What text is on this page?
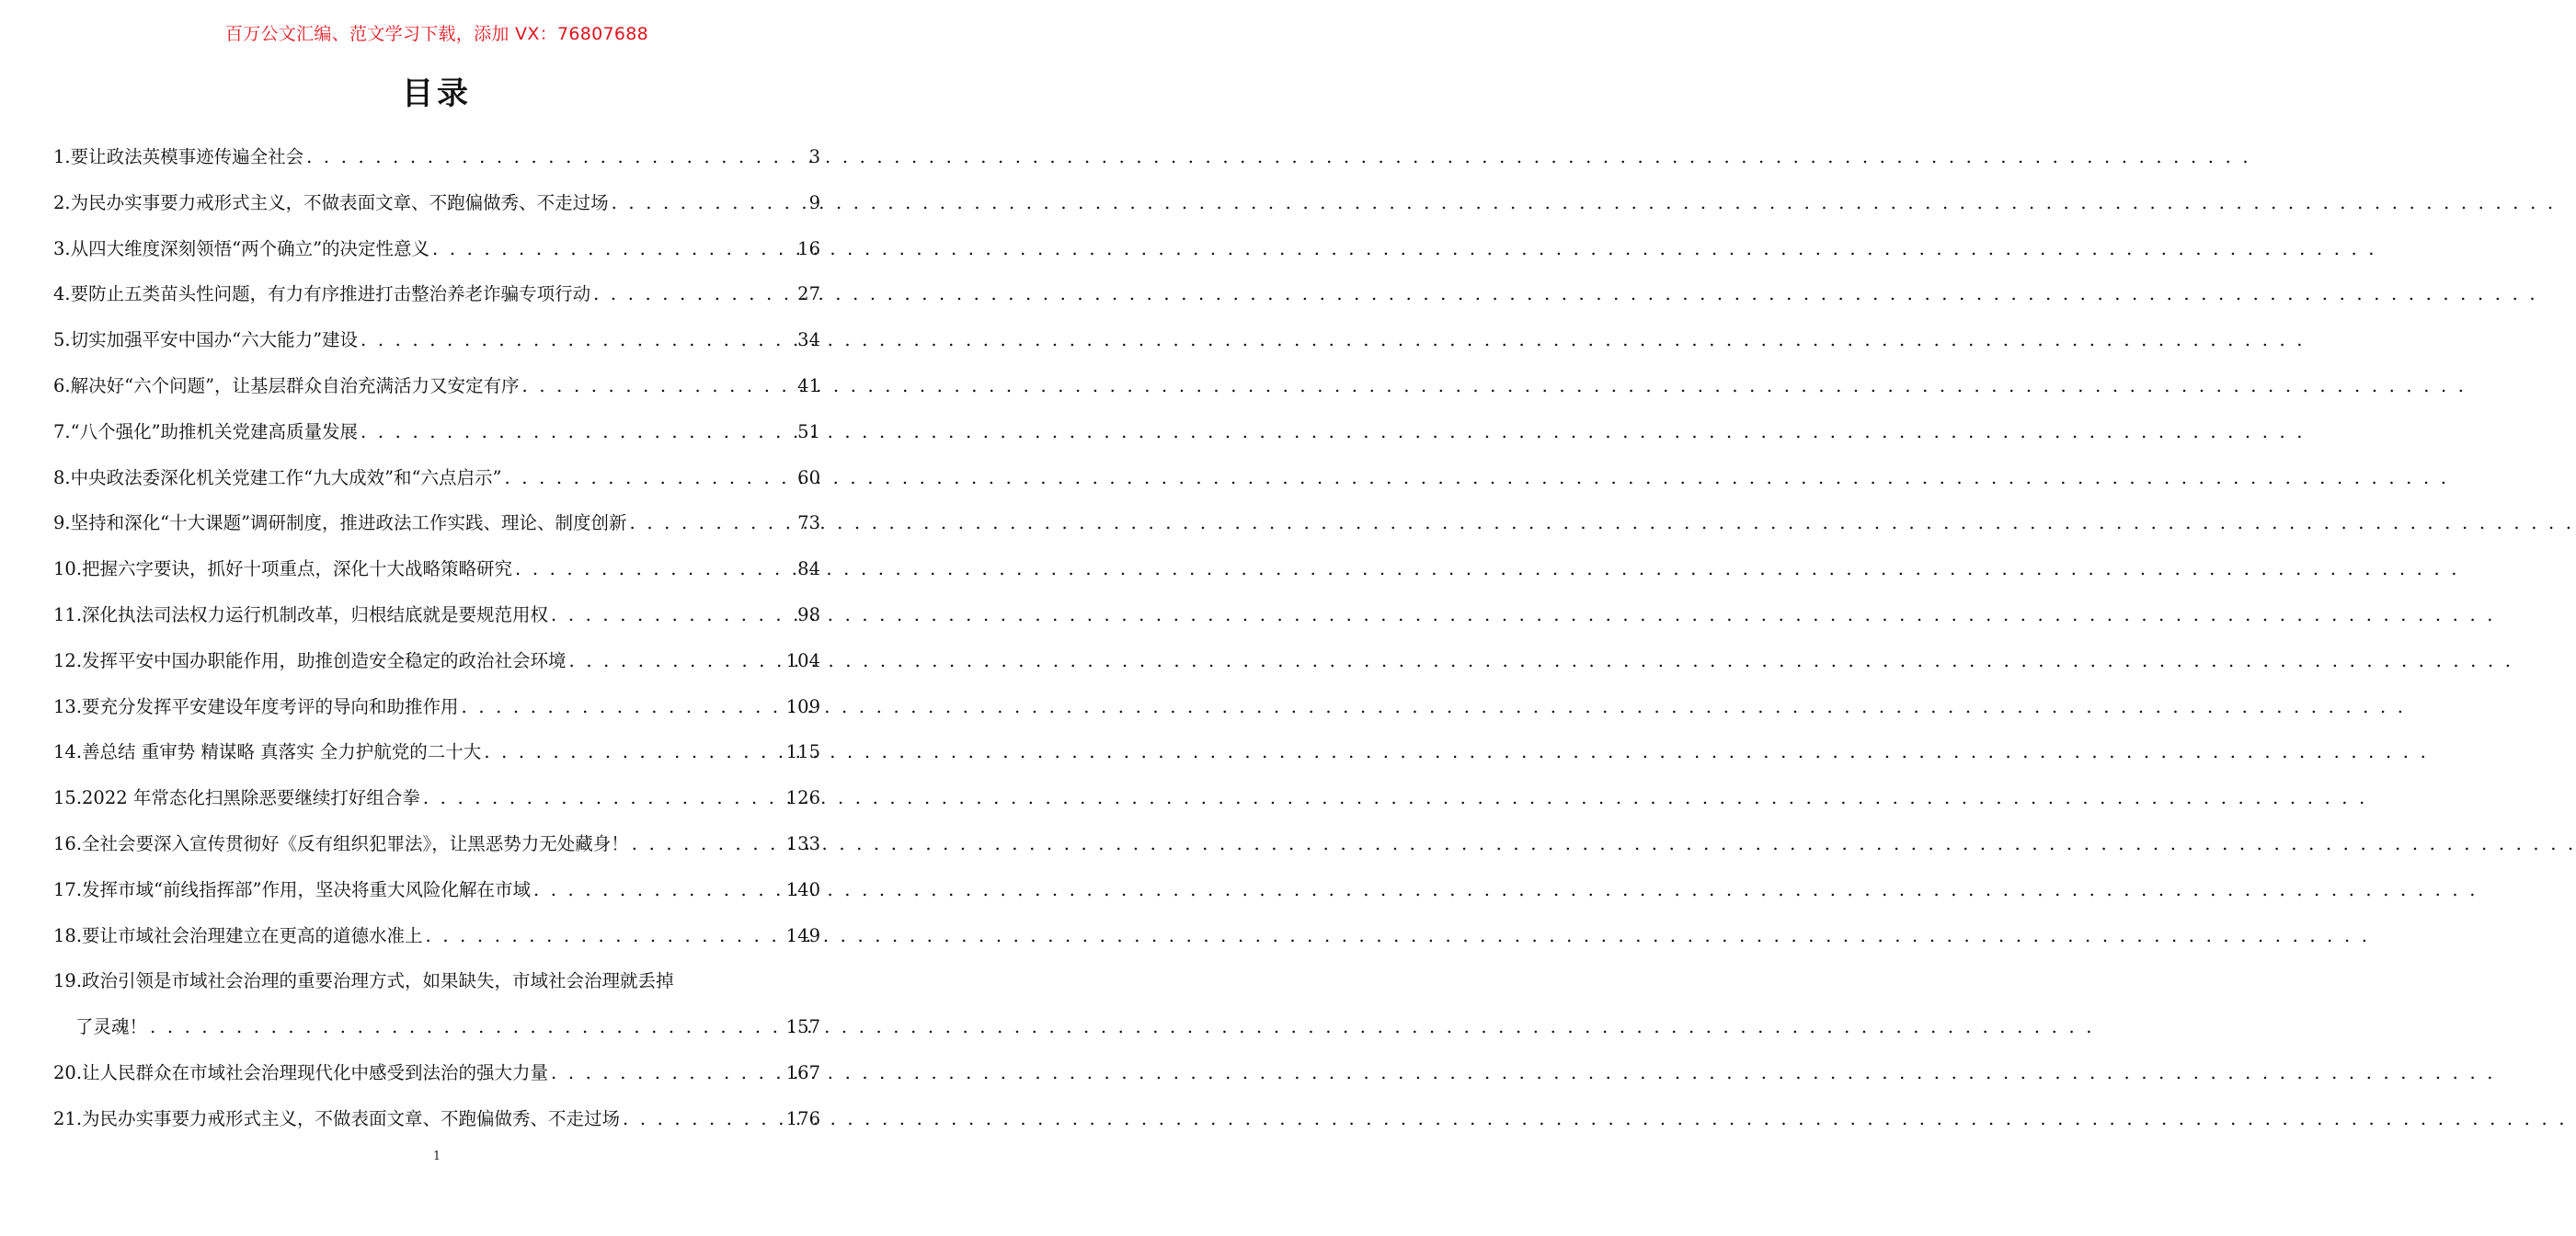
百万公文汇编、范文学习下载，添加 VX：76807688
目录
1.要让政法英模事迹传遍全社会 . . .	3
2.为民办实事要力戒形式主义，不做表面文章、不跑偏做秀、不走过场 . . .	9
3.从四大维度深刻领悟“两个确立”的决定性意义 . . .	16
4.要防止五类苗头性问题，有力有序推进打击整治养老诈骗专项行动 . . .	27
5.切实加强平安中国办“六大能力”建设 . . .	34
6.解决好“六个问题”，让基层群众自治充满活力又安定有序 . . .	41
7.“八个强化”助推机关党建高质量发展 . . .	51
8.中央政法委深化机关党建工作“九大成效”和“六点启示” . . .	60
9.坚持和深化“十大课题”调研制度，推进政法工作实践、理论、制度创新 . . .	73
10.把握六字要诀，抓好十项重点，深化十大战略策略研究 . . .	84
11.深化执法司法权力运行机制改革，归根结底就是要规范用权 . . .	98
12.发挥平安中国办职能作用，助推创造安全稳定的政治社会环境 . . .	104
13.要充分发挥平安建设年度考评的导向和助推作用 . . .	109
14.善总结 重审势 精谋略 真落实 全力护航党的二十大 . . .	115
15.2022 年常态化扫黑除恶要继续打好组合拳 . . .	126
16.全社会要深入宣传贯彻好《反有组织犯罪法》，让黑恶势力无处藏身！ . . .	133
17.发挥市域“前线指挥部”作用，坚决将重大风险化解在市域 . . .	140
18.要让市域社会治理建立在更高的道德水准上 . . .	149
19.政治引领是市域社会治理的重要治理方式，如果缺失，市域社会治理就丢掉
了灵魂！ . . .	157
20.让人民群众在市域社会治理现代化中感受到法治的强大力量 . . .	167
21.为民办实事要力戒形式主义，不做表面文章、不跑偏做秀、不走过场 . . .	176
1
